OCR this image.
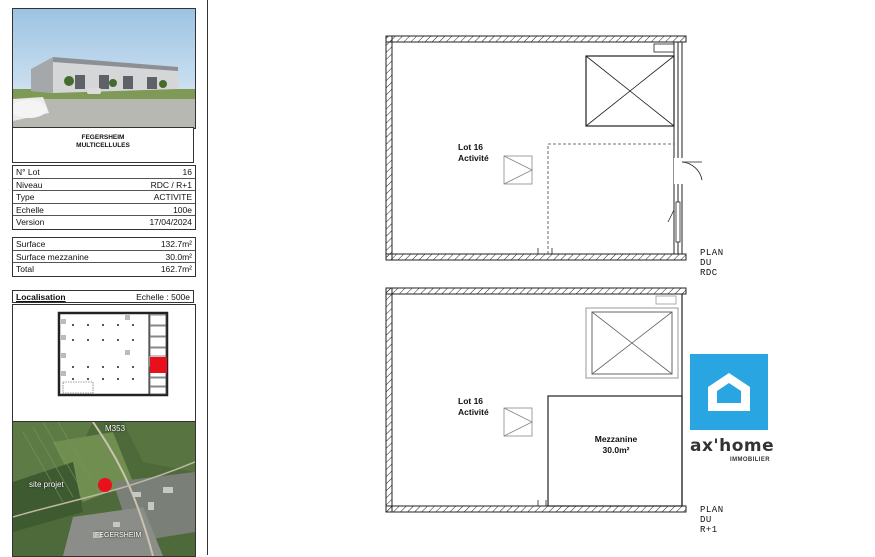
FEGERSHEIM
MULTICELLULES
N° Lot	16
Niveau	RDC / R+1
Type	ACTIVITE
Echelle	100e
Version	17/04/2024
Surface	132.7m²
Surface mezzanine	30.0m²
Total	162.7m²
Localisation	Echelle : 500e
M353
site projet
FEGERSHEIM
Lot 16
Activité
PLAN DU RDC
Lot 16
Activité
Mezzanine
30.0m²
PLAN DU R+1
ax'home
IMMOBILIER
